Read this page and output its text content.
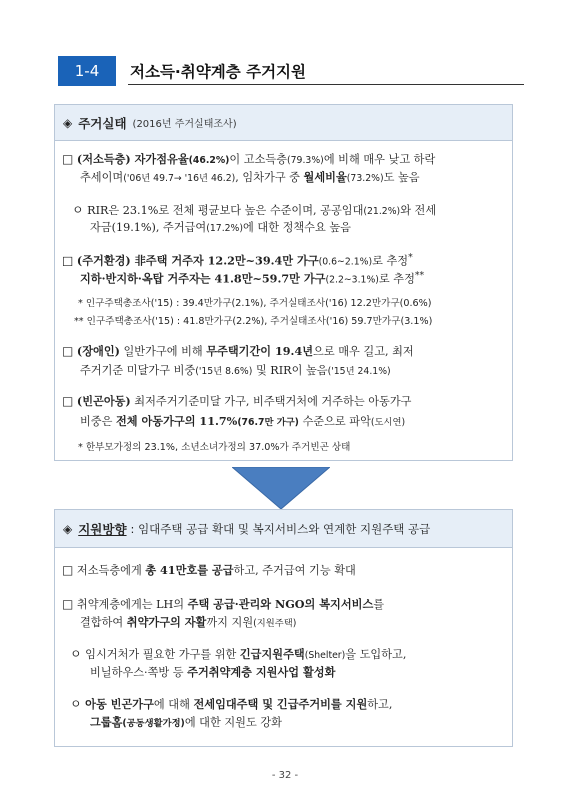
1-4	저소득·취약계층 주거지원
◈ 주거실태 (2016년 주거실태조사)
□ (저소득층) 자가점유율(46.2%)이 고소득층(79.3%)에 비해 매우 낮고 하락
추세이며('06년 49.7→ '16년 46.2), 임차가구 중 월세비율(73.2%)도 높음
ㅇ RIR은 23.1%로 전체 평균보다 높은 수준이며, 공공임대(21.2%)와 전세
자금(19.1%), 주거급여(17.2%)에 대한 정책수요 높음
□ (주거환경) 非주택 거주자 12.2만~39.4만 가구(0.6~2.1%)로 추정*
지하·반지하·옥탑 거주자는 41.8만~59.7만 가구(2.2~3.1%)로 추정**
* 인구주택총조사('15) : 39.4만가구(2.1%), 주거실태조사('16) 12.2만가구(0.6%)
** 인구주택총조사('15) : 41.8만가구(2.2%), 주거실태조사('16) 59.7만가구(3.1%)
□ (장애인) 일반가구에 비해 무주택기간이 19.4년으로 매우 길고, 최저
주거기준 미달가구 비중('15년 8.6%) 및 RIR이 높음('15년 24.1%)
□ (빈곤아동) 최저주거기준미달 가구, 비주택거처에 거주하는 아동가구
비중은 전체 아동가구의 11.7%(76.7만 가구) 수준으로 파악(도시연)
* 한부모가정의 23.1%, 소년소녀가정의 37.0%가 주거빈곤 상태
◈ 지원방향 : 임대주택 공급 확대 및 복지서비스와 연계한 지원주택 공급
□ 저소득층에게 총 41만호를 공급하고, 주거급여 기능 확대
□ 취약계층에게는 LH의 주택 공급·관리와 NGO의 복지서비스를
결합하여 취약가구의 자활까지 지원(지원주택)
ㅇ 임시거처가 필요한 가구를 위한 긴급지원주택(Shelter)을 도입하고,
비닐하우스·쪽방 등 주거취약계층 지원사업 활성화
ㅇ 아동 빈곤가구에 대해 전세임대주택 및 긴급주거비를 지원하고,
그룹홈(공동생활가정)에 대한 지원도 강화
- 32 -
